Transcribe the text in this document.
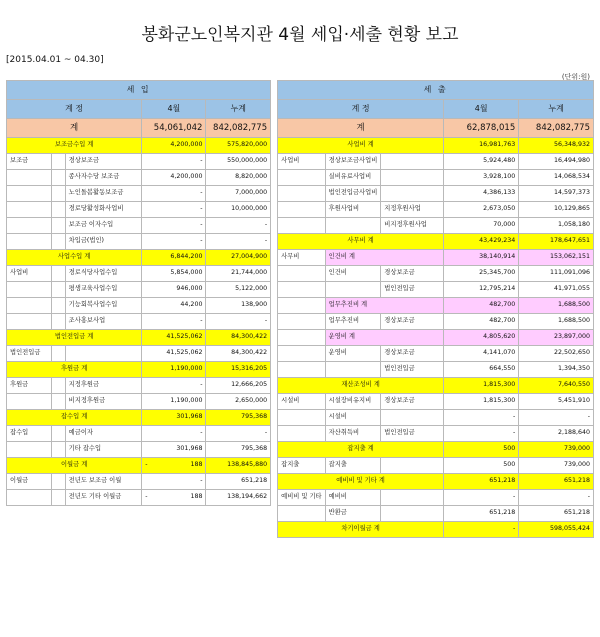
봉화군노인복지관 4월 세입·세출 현황 보고
[2015.04.01 ~ 04.30]
(단위:원)
세 입						세 출				
계 정			4월	누계		계 정			4월	누계
계			54,061,042	842,082,775		계			62,878,015	842,082,775
보조금수입 계			4,200,000	575,820,000		사업비 계			16,981,763	56,348,932
보조금		경상보조금	-	550,000,000		사업비	경상보조금사업비		5,924,480	16,494,980
		종사자수당 보조금	4,200,000	8,820,000			실비유료사업비		3,928,100	14,068,534
		노인돌봄활동보조금	-	7,000,000			법인전입금사업비		4,386,133	14,597,373
		경로당활성화사업비	-	10,000,000			후원사업비	지정후원사업	2,673,050	10,129,865
		보조금 이자수입	-	-				비지정후원사업	70,000	1,058,180
		차입금(법인)	-	-		사무비 계			43,429,234	178,647,651
사업수입 계			6,844,200	27,004,900		사무비	인건비 계		38,140,914	153,062,151
사업비		경로식당사업수입	5,854,000	21,744,000			인건비	경상보조금	25,345,700	111,091,096
		평생교육사업수입	946,000	5,122,000				법인전입금	12,795,214	41,971,055
		기능회복사업수입	44,200	138,900			업무추진비 계		482,700	1,688,500
		조사홍보사업	-	-			업무추진비	경상보조금	482,700	1,688,500
법인전입금 계			41,525,062	84,300,422			운영비 계		4,805,620	23,897,000
법인전입금			41,525,062	84,300,422			운영비	경상보조금	4,141,070	22,502,650
후원금 계			1,190,000	15,316,205				법인전입금	664,550	1,394,350
후원금		지정후원금	-	12,666,205		재산조성비 계			1,815,300	7,640,550
		비지정후원금	1,190,000	2,650,000		시설비	시설장비유지비	경상보조금	1,815,300	5,451,910
잡수입 계			301,968	795,368			시설비		-	-
잡수입		예금이자	-	-			자산취득비	법인전입금	-	2,188,640
		기타 잡수입	301,968	795,368		잡지출 계			500	739,000
이월금 계			- 188	138,845,880		잡지출	잡지출		500	739,000
이월금		전년도 보조금 이월	-	651,218		예비비 및 기타 계			651,218	651,218
		전년도 기타 이월금	- 188	138,194,662		예비비 및 기타	예비비		-	-
							반환금		651,218	651,218
						차기이월금 계			-	598,055,424
